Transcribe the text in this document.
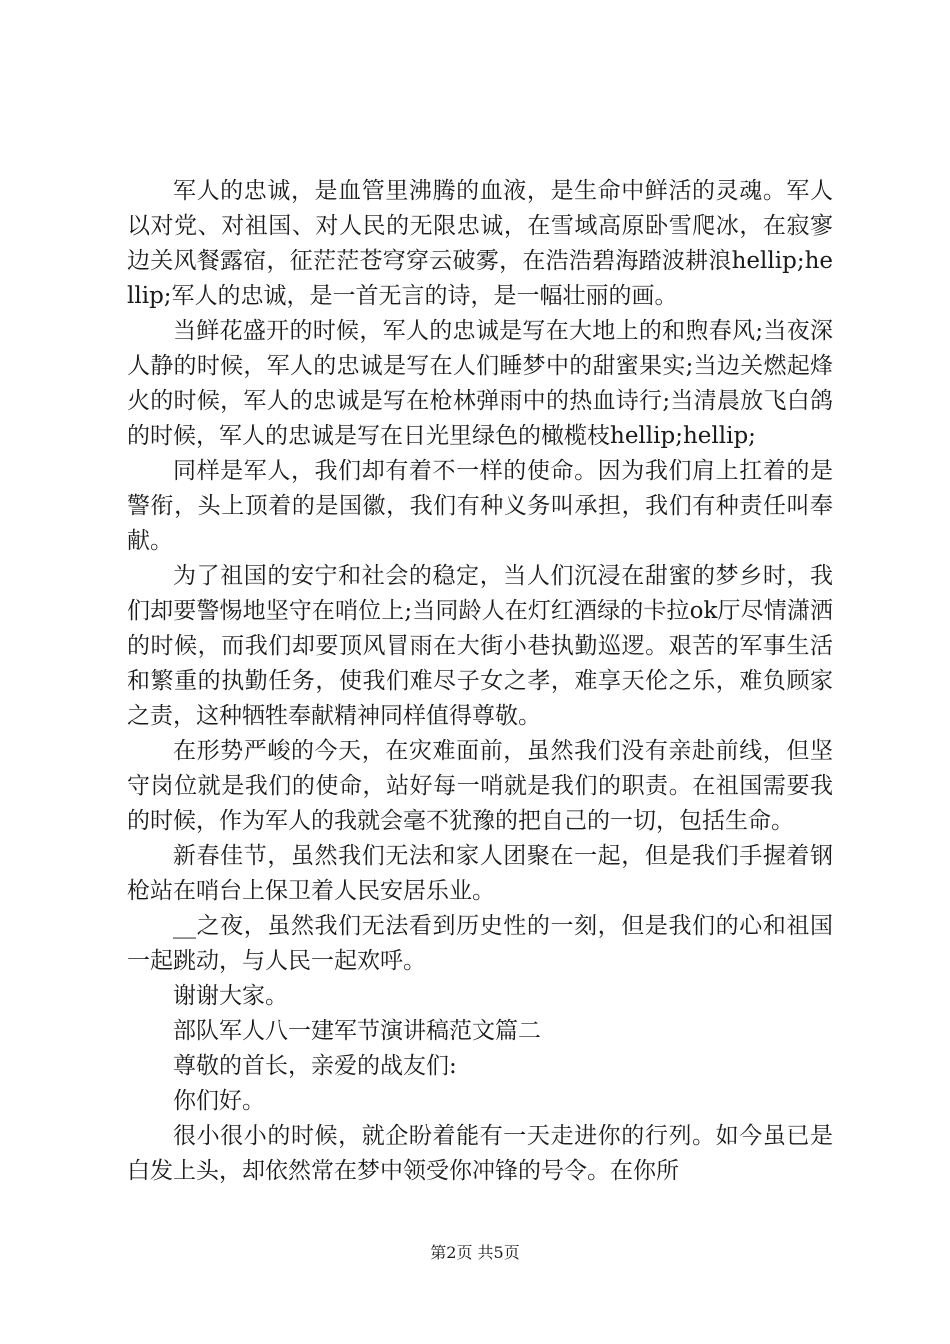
军人的忠诚，是血管里沸腾的血液，是生命中鲜活的灵魂。军人以对党、对祖国、对人民的无限忠诚，在雪域高原卧雪爬冰，在寂寥边关风餐露宿，征茫茫苍穹穿云破雾，在浩浩碧海踏波耕浪hellip;hellip;军人的忠诚，是一首无言的诗，是一幅壮丽的画。

当鲜花盛开的时候，军人的忠诚是写在大地上的和煦春风;当夜深人静的时候，军人的忠诚是写在人们睡梦中的甜蜜果实;当边关燃起烽火的时候，军人的忠诚是写在枪林弹雨中的热血诗行;当清晨放飞白鸽的时候，军人的忠诚是写在日光里绿色的橄榄枝hellip;hellip;

同样是军人，我们却有着不一样的使命。因为我们肩上扛着的是警衔，头上顶着的是国徽，我们有种义务叫承担，我们有种责任叫奉献。

为了祖国的安宁和社会的稳定，当人们沉浸在甜蜜的梦乡时，我们却要警惕地坚守在哨位上;当同龄人在灯红酒绿的卡拉ok厅尽情潇洒的时候，而我们却要顶风冒雨在大街小巷执勤巡逻。艰苦的军事生活和繁重的执勤任务，使我们难尽子女之孝，难享天伦之乐，难负顾家之责，这种牺牲奉献精神同样值得尊敬。

在形势严峻的今天，在灾难面前，虽然我们没有亲赴前线，但坚守岗位就是我们的使命，站好每一哨就是我们的职责。在祖国需要我的时候，作为军人的我就会毫不犹豫的把自己的一切，包括生命。

新春佳节，虽然我们无法和家人团聚在一起，但是我们手握着钢枪站在哨台上保卫着人民安居乐业。

__之夜，虽然我们无法看到历史性的一刻，但是我们的心和祖国一起跳动，与人民一起欢呼。

谢谢大家。

部队军人八一建军节演讲稿范文篇二

尊敬的首长，亲爱的战友们:

你们好。

很小很小的时候，就企盼着能有一天走进你的行列。如今虽已是白发上头，却依然常在梦中领受你冲锋的号令。在你所

第2页 共5页
